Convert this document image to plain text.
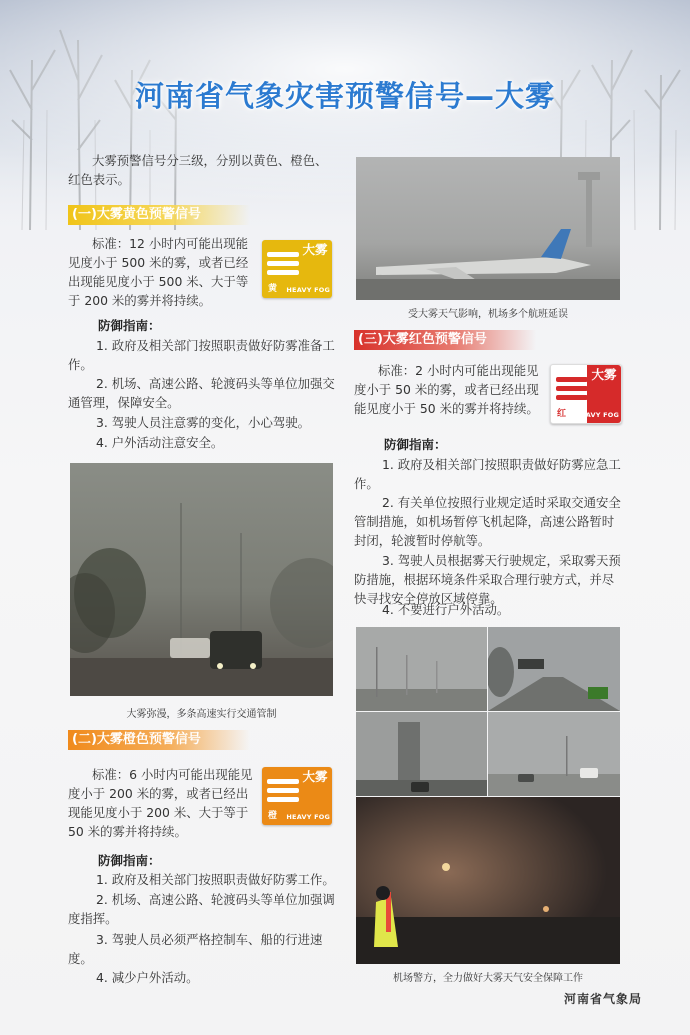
河南省气象灾害预警信号—大雾
大雾预警信号分三级，分别以黄色、橙色、红色表示。
(一)大雾黄色预警信号
标准：12 小时内可能出现能见度小于 500 米的雾，或者已经出现能见度小于 500 米、大于等于 200 米的雾并将持续。
大雾
黄 HEAVY FOG
防御指南：
1. 政府及相关部门按照职责做好防雾准备工作。
2. 机场、高速公路、轮渡码头等单位加强交通管理，保障安全。
3. 驾驶人员注意雾的变化，小心驾驶。
4. 户外活动注意安全。
大雾弥漫，多条高速实行交通管制
(二)大雾橙色预警信号
标准：6 小时内可能出现能见度小于 200 米的雾，或者已经出现能见度小于 200 米、大于等于 50 米的雾并将持续。
大雾
橙 HEAVY FOG
防御指南：
1. 政府及相关部门按照职责做好防雾工作。
2. 机场、高速公路、轮渡码头等单位加强调度指挥。
3. 驾驶人员必须严格控制车、船的行进速度。
4. 减少户外活动。
受大雾天气影响，机场多个航班延误
(三)大雾红色预警信号
标准：2 小时内可能出现能见度小于 50 米的雾，或者已经出现能见度小于 50 米的雾并将持续。
大雾
红 HEAVY FOG
防御指南：
1. 政府及相关部门按照职责做好防雾应急工作。
2. 有关单位按照行业规定适时采取交通安全管制措施，如机场暂停飞机起降，高速公路暂时封闭，轮渡暂时停航等。
3. 驾驶人员根据雾天行驶规定，采取雾天预防措施，根据环境条件采取合理行驶方式，并尽快寻找安全停放区域停靠。
4. 不要进行户外活动。
机场警方，全力做好大雾天气安全保障工作
河南省气象局
